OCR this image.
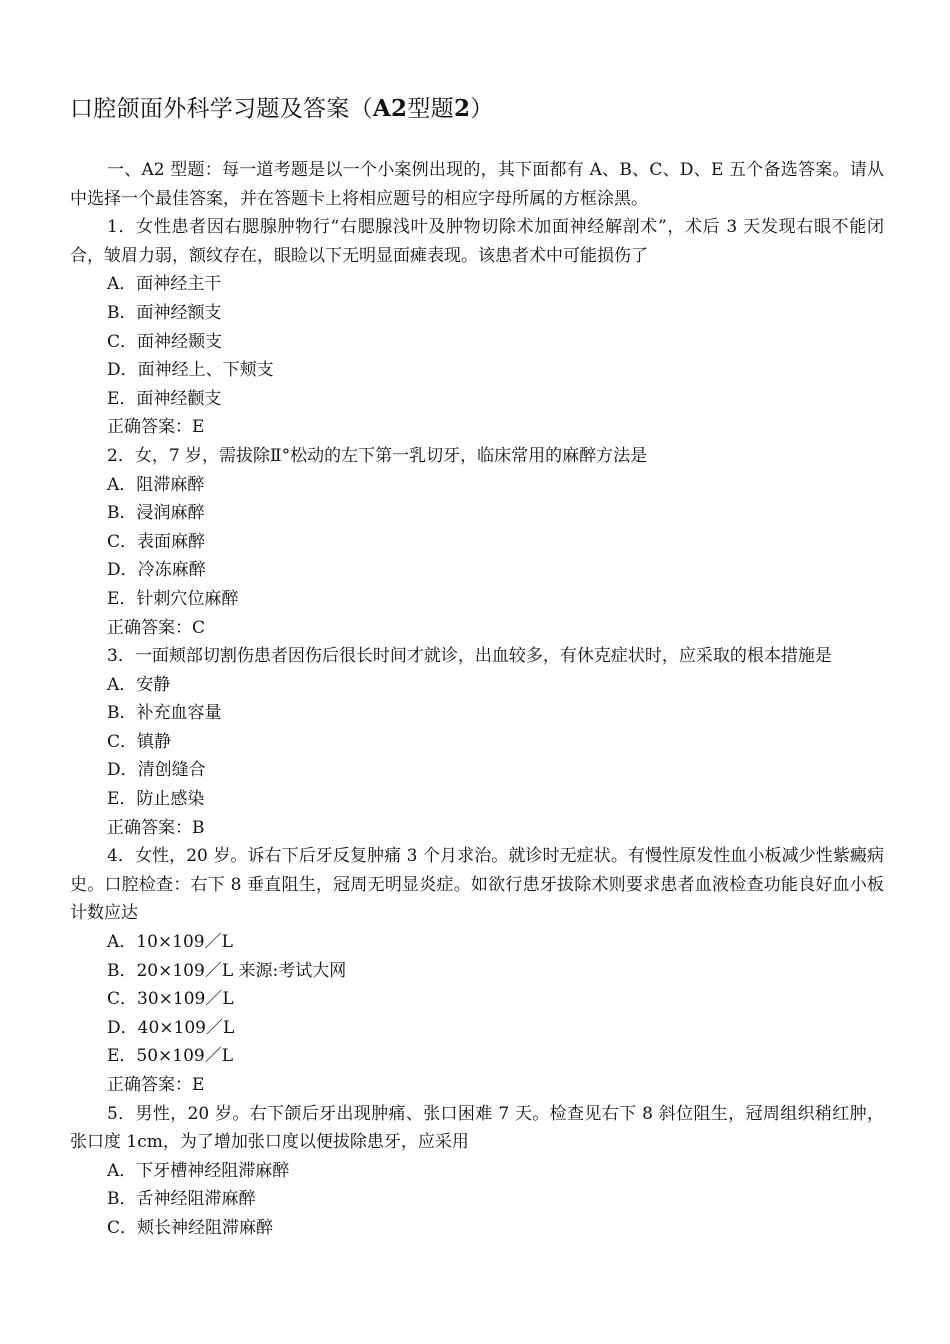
口腔颌面外科学习题及答案（A2型题2）

一、A2 型题：每一道考题是以一个小案例出现的，其下面都有 A、B、C、D、E 五个备选答案。请从中选择一个最佳答案，并在答题卡上将相应题号的相应字母所属的方框涂黑。

1．女性患者因右腮腺肿物行“右腮腺浅叶及肿物切除术加面神经解剖术”，术后 3 天发现右眼不能闭合，皱眉力弱，额纹存在，眼睑以下无明显面瘫表现。该患者术中可能损伤了

A．面神经主干

B．面神经额支

C．面神经颞支

D．面神经上、下颊支

E．面神经颧支

正确答案：E

2．女，7 岁，需拔除Ⅱ°松动的左下第一乳切牙，临床常用的麻醉方法是

A．阻滞麻醉

B．浸润麻醉

C．表面麻醉

D．冷冻麻醉

E．针刺穴位麻醉

正确答案：C

3．一面颊部切割伤患者因伤后很长时间才就诊，出血较多，有休克症状时，应采取的根本措施是

A．安静

B．补充血容量

C．镇静

D．清创缝合

E．防止感染

正确答案：B

4．女性，20 岁。诉右下后牙反复肿痛 3 个月求治。就诊时无症状。有慢性原发性血小板减少性紫癜病史。口腔检查：右下 8 垂直阻生，冠周无明显炎症。如欲行患牙拔除术则要求患者血液检查功能良好血小板计数应达

A．10×109／L

B．20×109／L 来源:考试大网

C．30×109／L

D．40×109／L

E．50×109／L

正确答案：E

5．男性，20 岁。右下颌后牙出现肿痛、张口困难 7 天。检查见右下 8 斜位阻生，冠周组织稍红肿，张口度 1cm，为了增加张口度以便拔除患牙，应采用

A．下牙槽神经阻滞麻醉

B．舌神经阻滞麻醉

C．颊长神经阻滞麻醉
